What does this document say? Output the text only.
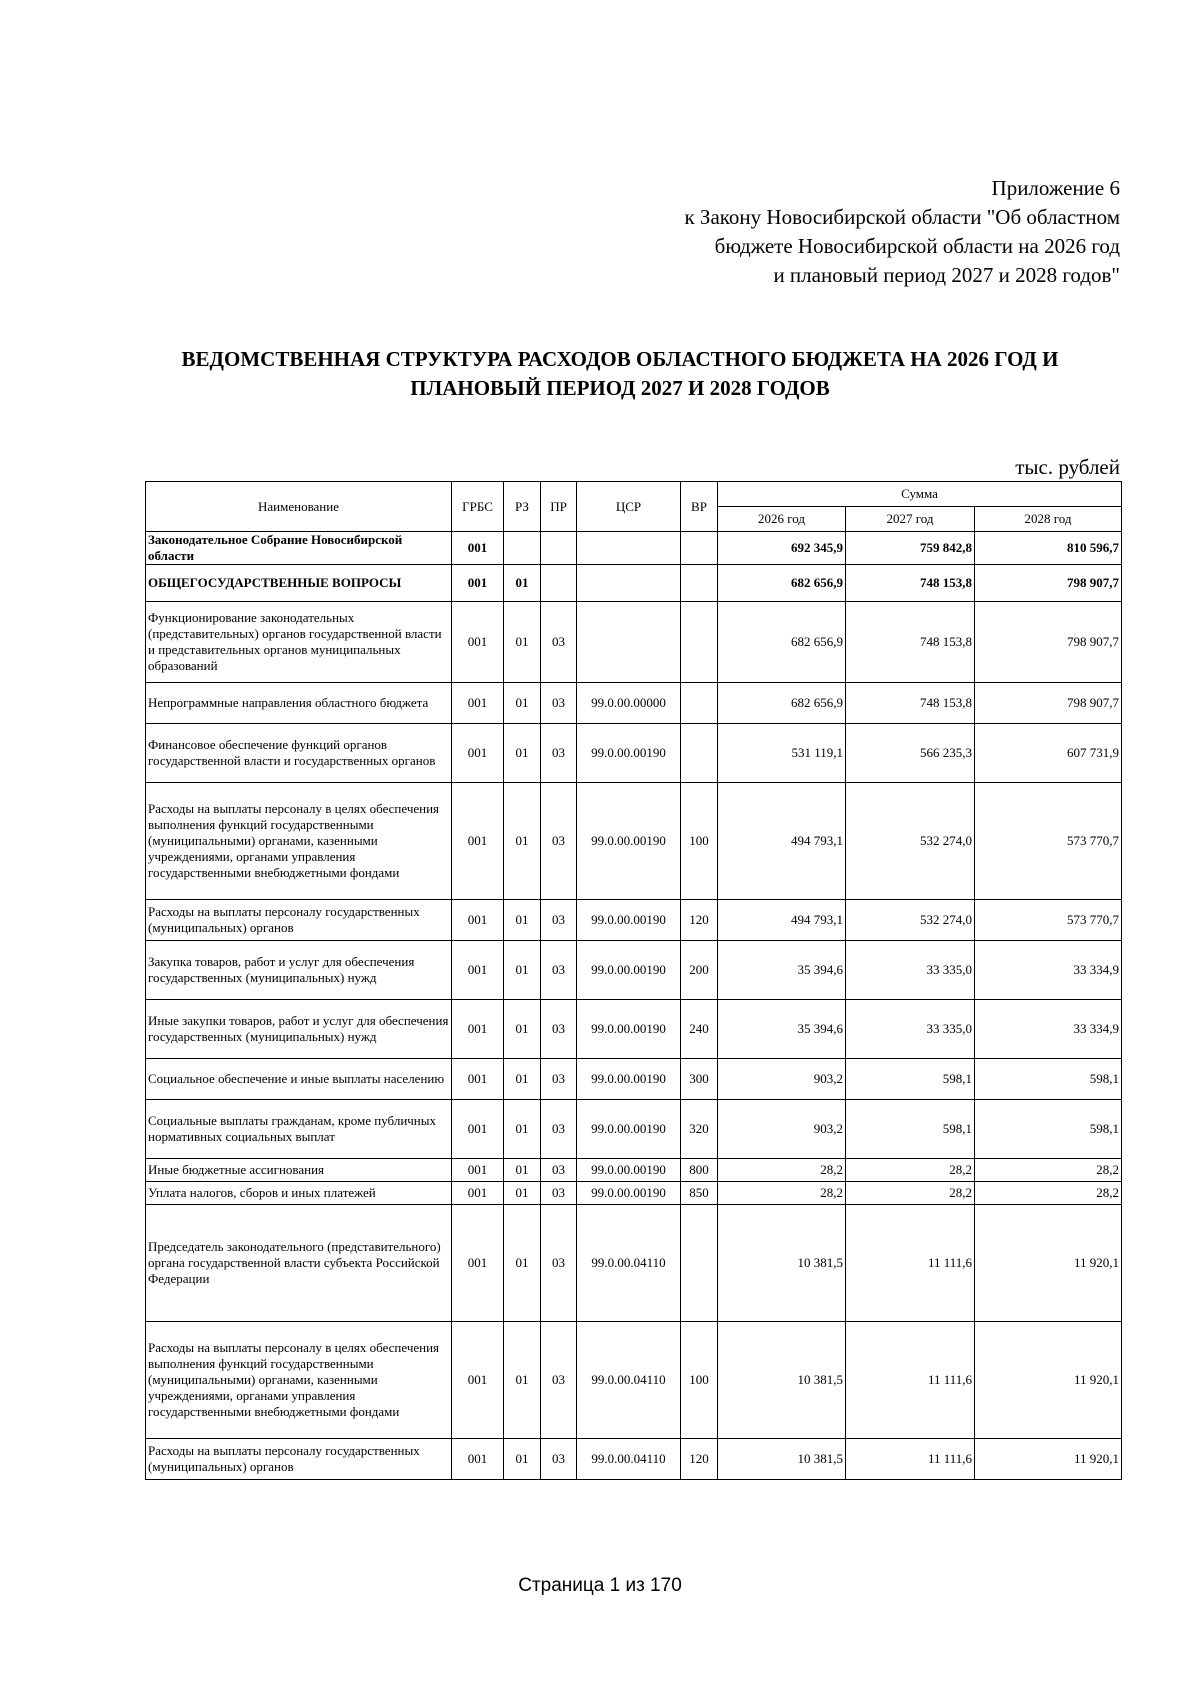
Приложение 6
к Закону Новосибирской области "Об областном
бюджете Новосибирской области на 2026 год
и плановый период 2027 и 2028 годов"
ВЕДОМСТВЕННАЯ СТРУКТУРА РАСХОДОВ ОБЛАСТНОГО БЮДЖЕТА НА 2026 ГОД И
ПЛАНОВЫЙ ПЕРИОД 2027 И 2028 ГОДОВ
тыс. рублей
Наименование	ГРБС	РЗ	ПР	ЦСР	ВР	Сумма		
						2026 год	2027 год	2028 год
Законодательное Собрание Новосибирской области	001					692 345,9	759 842,8	810 596,7
ОБЩЕГОСУДАРСТВЕННЫЕ ВОПРОСЫ	001	01				682 656,9	748 153,8	798 907,7
Функционирование законодательных (представительных) органов государственной власти и представительных органов муниципальных образований	001	01	03			682 656,9	748 153,8	798 907,7
Непрограммные направления областного бюджета	001	01	03	99.0.00.00000		682 656,9	748 153,8	798 907,7
Финансовое обеспечение функций органов государственной власти и государственных органов	001	01	03	99.0.00.00190		531 119,1	566 235,3	607 731,9
Расходы на выплаты персоналу в целях обеспечения выполнения функций государственными (муниципальными) органами, казенными учреждениями, органами управления государственными внебюджетными фондами	001	01	03	99.0.00.00190	100	494 793,1	532 274,0	573 770,7
Расходы на выплаты персоналу государственных (муниципальных) органов	001	01	03	99.0.00.00190	120	494 793,1	532 274,0	573 770,7
Закупка товаров, работ и услуг для обеспечения государственных (муниципальных) нужд	001	01	03	99.0.00.00190	200	35 394,6	33 335,0	33 334,9
Иные закупки товаров, работ и услуг для обеспечения государственных (муниципальных) нужд	001	01	03	99.0.00.00190	240	35 394,6	33 335,0	33 334,9
Социальное обеспечение и иные выплаты населению	001	01	03	99.0.00.00190	300	903,2	598,1	598,1
Социальные выплаты гражданам, кроме публичных нормативных социальных выплат	001	01	03	99.0.00.00190	320	903,2	598,1	598,1
Иные бюджетные ассигнования	001	01	03	99.0.00.00190	800	28,2	28,2	28,2
Уплата налогов, сборов и иных платежей	001	01	03	99.0.00.00190	850	28,2	28,2	28,2
Председатель законодательного (представительного) органа государственной власти субъекта Российской Федерации	001	01	03	99.0.00.04110		10 381,5	11 111,6	11 920,1
Расходы на выплаты персоналу в целях обеспечения выполнения функций государственными (муниципальными) органами, казенными учреждениями, органами управления государственными внебюджетными фондами	001	01	03	99.0.00.04110	100	10 381,5	11 111,6	11 920,1
Расходы на выплаты персоналу государственных (муниципальных) органов	001	01	03	99.0.00.04110	120	10 381,5	11 111,6	11 920,1
Страница 1 из 170
